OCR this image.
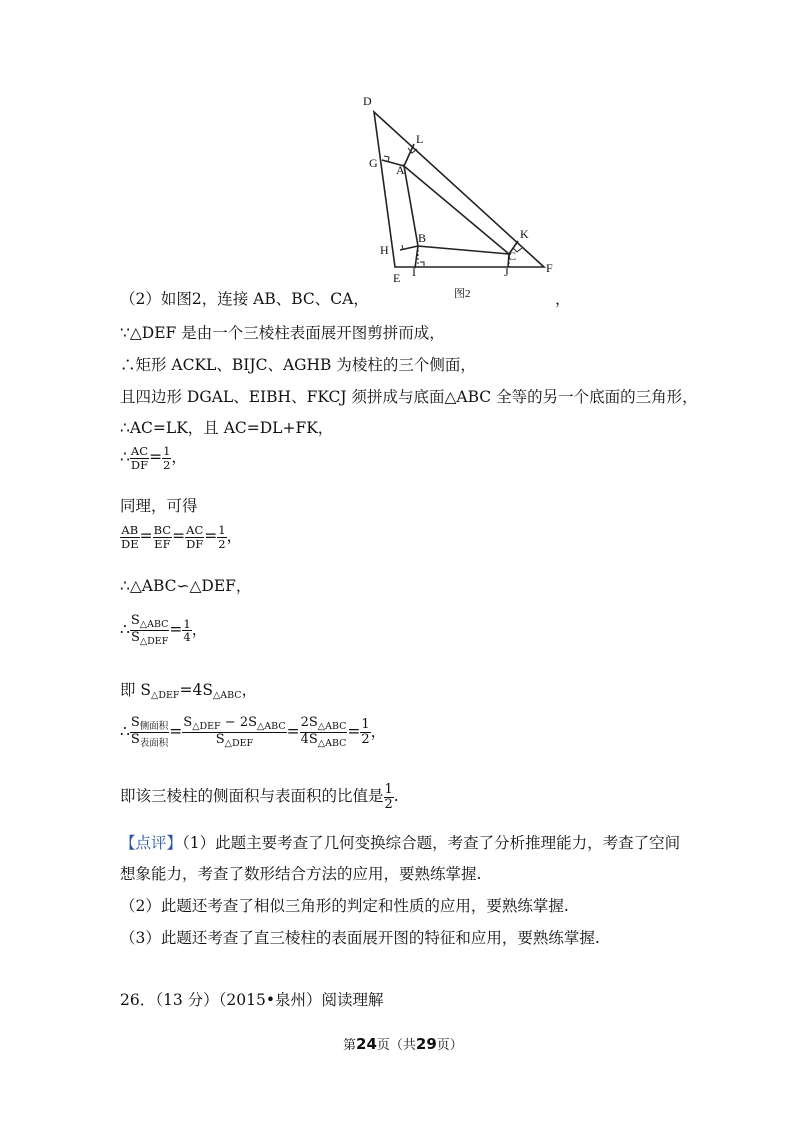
D
L
G A
B
H
K
C
E I	J	F
图2
（2）如图2，连接 AB、BC、CA，	，
∵△DEF 是由一个三棱柱表面展开图剪拼而成，
∴矩形 ACKL、BIJC、AGHB 为棱柱的三个侧面，
且四边形 DGAL、EIBH、FKCJ 须拼成与底面△ABC 全等的另一个底面的三角形，
∴AC=LK，且 AC=DL+FK，
∴ $\frac{AC}{DF} = \frac{1}{2}$ ，
同理，可得
$\frac{AB}{DE} = \frac{BC}{EF} = \frac{AC}{DF} = \frac{1}{2}$ ，
∴△ABC∽△DEF，
∴ $\frac{S_{\triangle ABC}}{S_{\triangle DEF}} = \frac{1}{4}$ ，
即 $S_{\triangle DEF}=4S_{\triangle ABC}$，
∴ $\frac{S_{侧面积}}{S_{表面积}} = \frac{S_{\triangle DEF} - 2S_{\triangle ABC}}{S_{\triangle DEF}} = \frac{2S_{\triangle ABC}}{4S_{\triangle ABC}} = \frac{1}{2}$ ，
即该三棱柱的侧面积与表面积的比值是 $\frac{1}{2}$ .
【点评】（1）此题主要考查了几何变换综合题，考查了分析推理能力，考查了空间
想象能力，考查了数形结合方法的应用，要熟练掌握.
（2）此题还考查了相似三角形的判定和性质的应用，要熟练掌握.
（3）此题还考查了直三棱柱的表面展开图的特征和应用，要熟练掌握.
26．（13 分）（2015•泉州）阅读理解
第24页（共29页）
